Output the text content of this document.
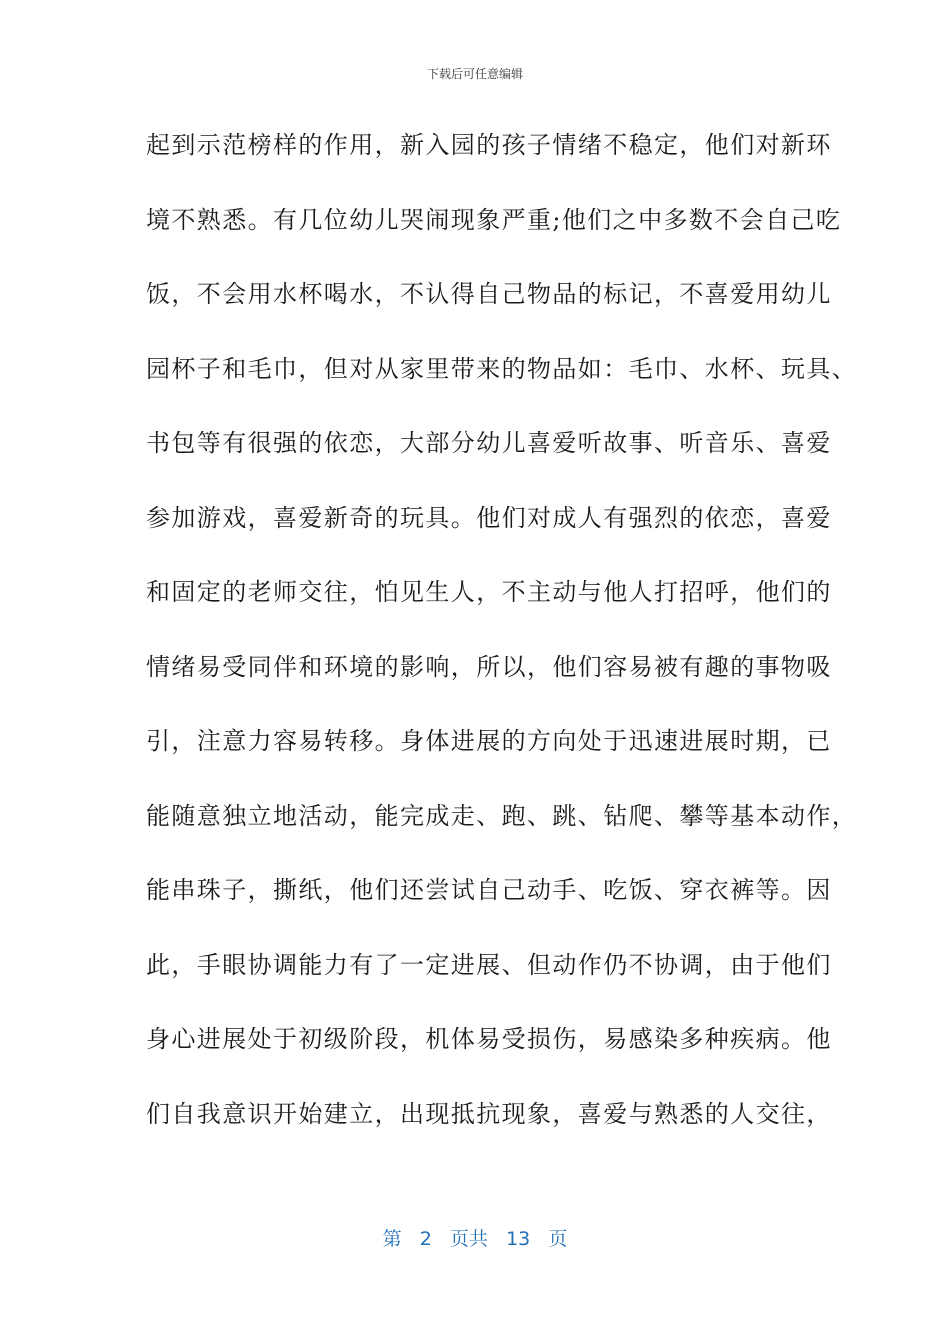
下载后可任意编辑
起到示范榜样的作用，新入园的孩子情绪不稳定，他们对新环
境不熟悉。有几位幼儿哭闹现象严重;他们之中多数不会自己吃
饭，不会用水杯喝水，不认得自己物品的标记，不喜爱用幼儿
园杯子和毛巾，但对从家里带来的物品如：毛巾、水杯、玩具、
书包等有很强的依恋，大部分幼儿喜爱听故事、听音乐、喜爱
参加游戏，喜爱新奇的玩具。他们对成人有强烈的依恋，喜爱
和固定的老师交往，怕见生人，不主动与他人打招呼，他们的
情绪易受同伴和环境的影响，所以，他们容易被有趣的事物吸
引，注意力容易转移。身体进展的方向处于迅速进展时期，已
能随意独立地活动，能完成走、跑、跳、钻爬、攀等基本动作，
能串珠子，撕纸，他们还尝试自己动手、吃饭、穿衣裤等。因
此，手眼协调能力有了一定进展、但动作仍不协调，由于他们
身心进展处于初级阶段，机体易受损伤，易感染多种疾病。他
们自我意识开始建立，出现抵抗现象，喜爱与熟悉的人交往，
第 2 页共 13 页
